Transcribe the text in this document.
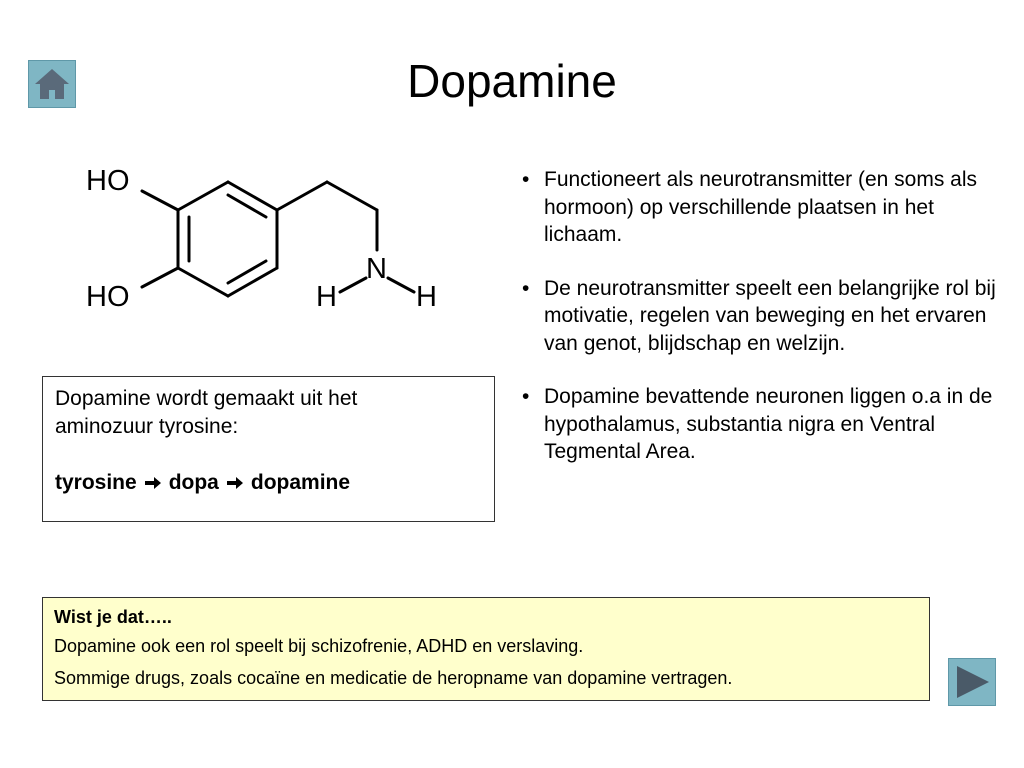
Dopamine
HO
HO
N
H	H
Dopamine wordt gemaakt uit het
aminozuur tyrosine:
tyrosine dopa dopamine
• Functioneert als neurotransmitter (en soms als hormoon) op verschillende plaatsen in het lichaam.
• De neurotransmitter speelt een belangrijke rol bij motivatie, regelen van beweging en het ervaren van genot, blijdschap en welzijn.
• Dopamine bevattende neuronen liggen o.a in de hypothalamus, substantia nigra en Ventral Tegmental Area.
Wist je dat…..
Dopamine ook een rol speelt bij schizofrenie, ADHD en verslaving.
Sommige drugs, zoals cocaïne en medicatie de heropname van dopamine vertragen.
